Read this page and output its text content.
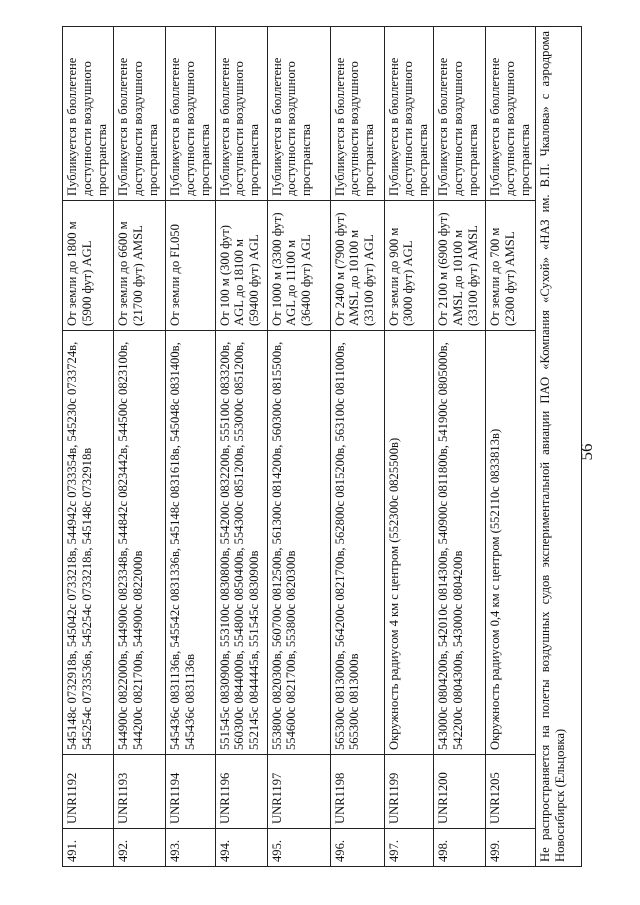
56
491.	UNR1192	545148с 0732918в, 545042с 0733218в, 544942с 0733354в, 545230с 0733724в, 545254с 0733536в, 545254с 0733218в, 545148с 0732918в	От земли до 1800 м (5900 фут) AGL	Публикуется в бюллетене доступности воздушного пространства
492.	UNR1193	544900с 0822000в, 544900с 0823348в, 544842с 0823442в, 544500с 0823100в, 544200с 0821700в, 544900с 0822000в	От земли до 6600 м (21700 фут) AMSL	Публикуется в бюллетене доступности воздушного пространства
493.	UNR1194	545436с 0831136в, 545542с 0831336в, 545148с 0831618в, 545048с 0831400в, 545436с 0831136в	От земли до FL050	Публикуется в бюллетене доступности воздушного пространства
494.	UNR1196	551545с 0830900в, 553100с 0830800в, 554200с 0832200в, 555100с 0833200в, 560300с 0844000в, 554800с 0850400в, 554300с 0851200в, 553000с 0851200в, 552145с 0844445в, 551545с 0830900в	От 100 м (300 фут) AGL до 18100 м (59400 фут) AGL	Публикуется в бюллетене доступности воздушного пространства
495.	UNR1197	553800с 0820300в, 560700с 0812500в, 561300с 0814200в, 560300с 0815500в, 554600с 0821700в, 553800с 0820300в	От 1000 м (3300 фут) AGL до 11100 м (36400 фут) AGL	Публикуется в бюллетене доступности воздушного пространства
496.	UNR1198	565300с 0813000в, 564200с 0821700в, 562800с 0815200в, 563100с 0811000в, 565300с 0813000в	От 2400 м (7900 фут) AMSL до 10100 м (33100 фут) AGL	Публикуется в бюллетене доступности воздушного пространства
497.	UNR1199	Окружность радиусом 4 км с центром (552300с 0825500в)	От земли до 900 м (3000 фут) AGL	Публикуется в бюллетене доступности воздушного пространства
498.	UNR1200	543000с 0804200в, 542010с 0814300в, 540900с 0811800в, 541900с 0805000в, 542200с 0804300в, 543000с 0804200в	От 2100 м (6900 фут) AMSL до 10100 м (33100 фут) AMSL	Публикуется в бюллетене доступности воздушного пространства
499.	UNR1205	Окружность радиусом 0,4 км с центром (552110с 0833813в)	От земли до 700 м (2300 фут) AMSL	Публикуется в бюллетене доступности воздушного пространства
Не распространяется на полеты воздушных судов экспериментальной авиации ПАО «Компания «Сухой» «НАЗ им. В.П. Чкалова» с аэродрома Новосибирск (Ельцовка)				
